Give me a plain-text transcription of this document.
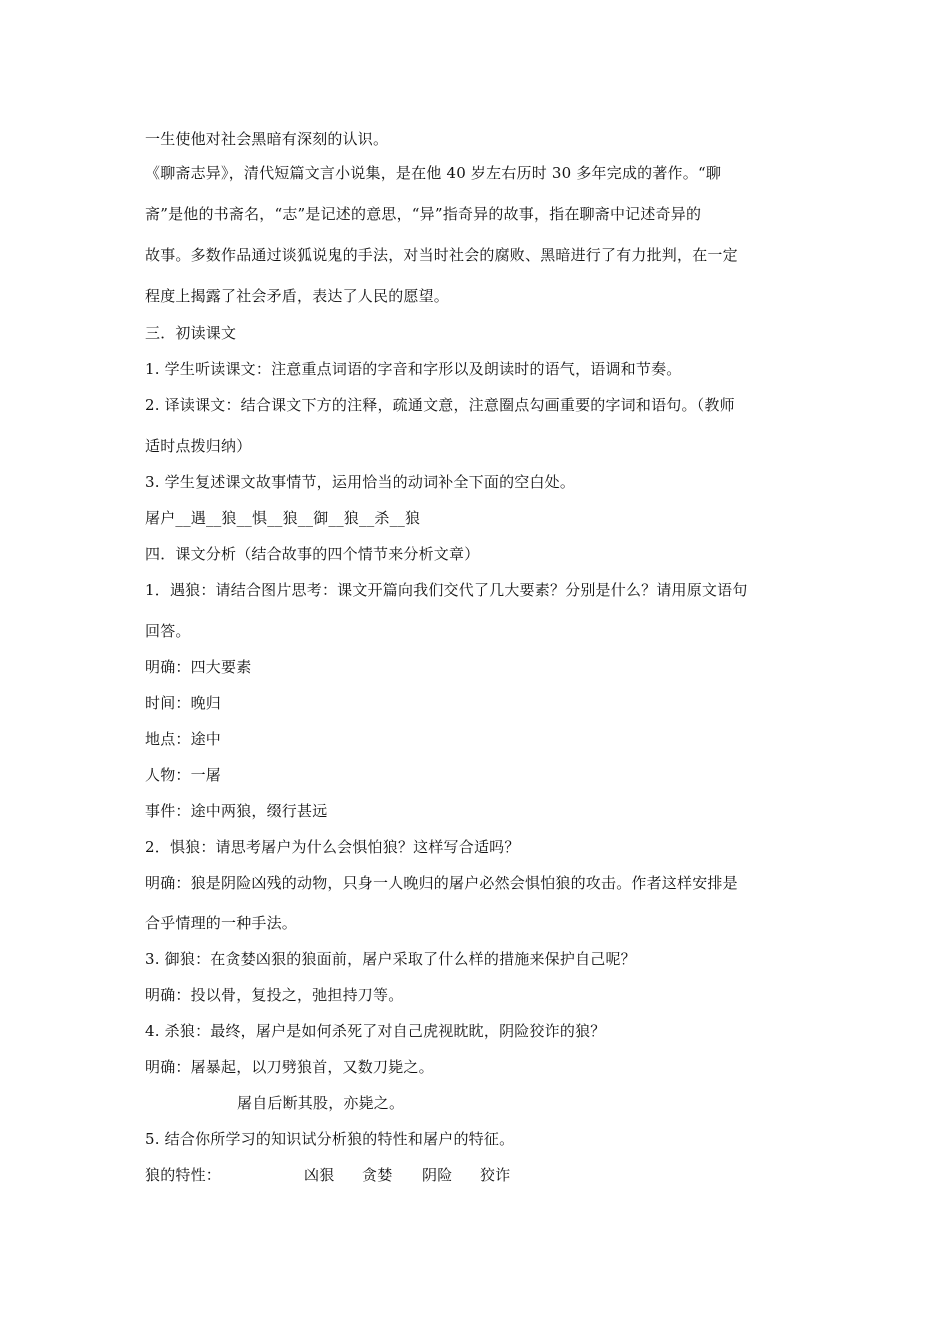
一生使他对社会黑暗有深刻的认识。
《聊斋志异》，清代短篇文言小说集，是在他 40 岁左右历时 30 多年完成的著作。“聊
斋”是他的书斋名，“志”是记述的意思，“异”指奇异的故事，指在聊斋中记述奇异的
故事。多数作品通过谈狐说鬼的手法，对当时社会的腐败、黑暗进行了有力批判，在一定
程度上揭露了社会矛盾，表达了人民的愿望。
三．初读课文
1. 学生听读课文：注意重点词语的字音和字形以及朗读时的语气，语调和节奏。
2. 译读课文：结合课文下方的注释，疏通文意，注意圈点勾画重要的字词和语句。（教师
适时点拨归纳）
3. 学生复述课文故事情节，运用恰当的动词补全下面的空白处。
屠户__遇__狼__惧__狼__御__狼__杀__狼
四．课文分析（结合故事的四个情节来分析文章）
1．遇狼：请结合图片思考：课文开篇向我们交代了几大要素？分别是什么？请用原文语句
回答。
明确：四大要素
时间：晚归
地点：途中
人物：一屠
事件：途中两狼，缀行甚远
2．惧狼：请思考屠户为什么会惧怕狼？这样写合适吗？
明确：狼是阴险凶残的动物，只身一人晚归的屠户必然会惧怕狼的攻击。作者这样安排是
合乎情理的一种手法。
3. 御狼：在贪婪凶狠的狼面前，屠户采取了什么样的措施来保护自己呢？
明确：投以骨，复投之，弛担持刀等。
4. 杀狼：最终，屠户是如何杀死了对自己虎视眈眈，阴险狡诈的狼？
明确：屠暴起，以刀劈狼首，又数刀毙之。
屠自后断其股，亦毙之。
5. 结合你所学习的知识试分析狼的特性和屠户的特征。
狼的特性：	凶狠 贪婪 阴险 狡诈
